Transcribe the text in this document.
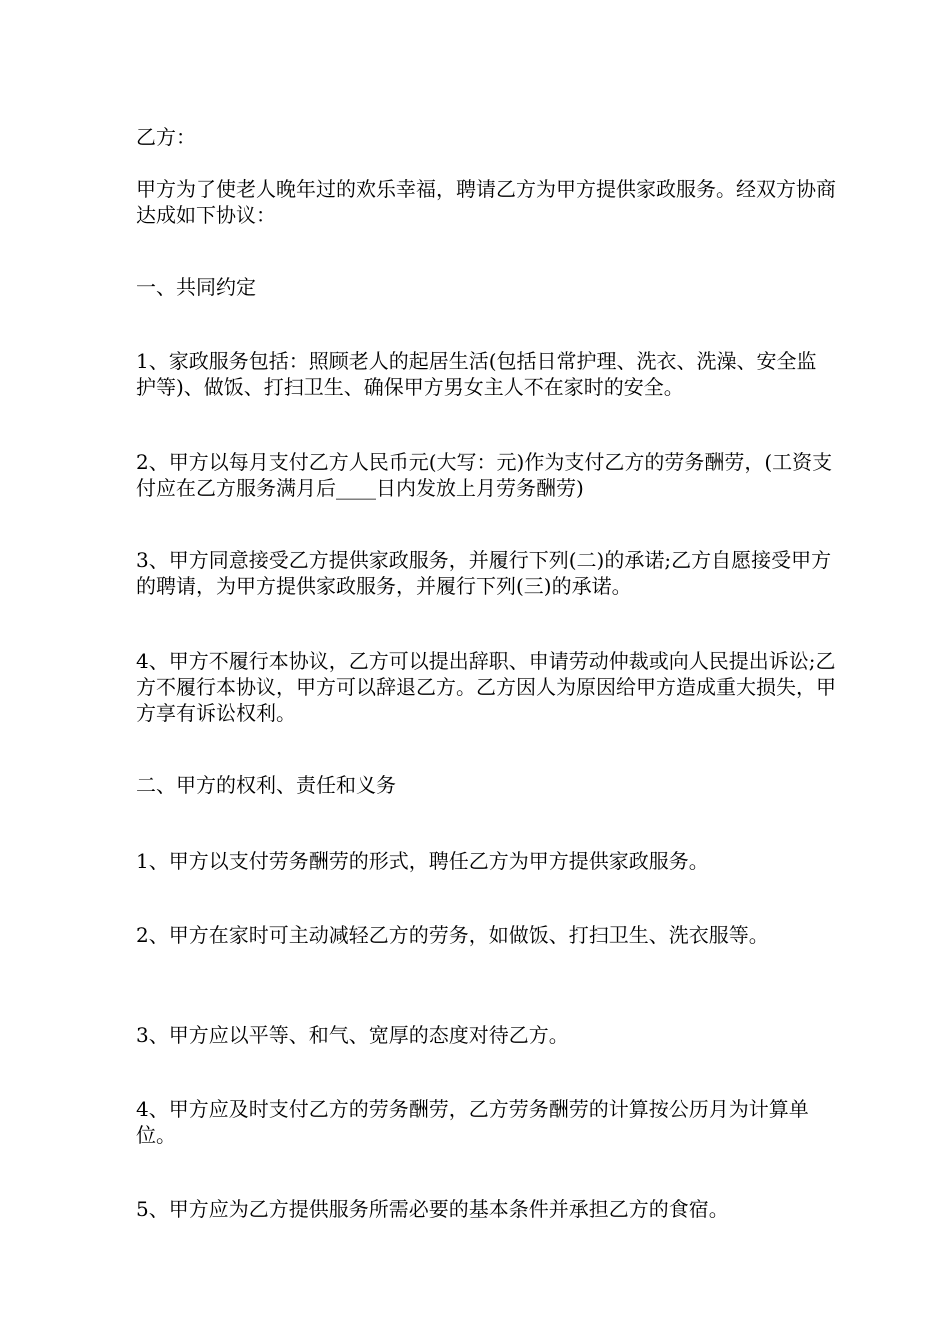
乙方：

甲方为了使老人晚年过的欢乐幸福，聘请乙方为甲方提供家政服务。经双方协商达成如下协议：

一、共同约定

1、家政服务包括：照顾老人的起居生活(包括日常护理、洗衣、洗澡、安全监护等)、做饭、打扫卫生、确保甲方男女主人不在家时的安全。

2、甲方以每月支付乙方人民币元(大写：元)作为支付乙方的劳务酬劳，(工资支付应在乙方服务满月后____日内发放上月劳务酬劳)

3、甲方同意接受乙方提供家政服务，并履行下列(二)的承诺;乙方自愿接受甲方的聘请，为甲方提供家政服务，并履行下列(三)的承诺。

4、甲方不履行本协议，乙方可以提出辞职、申请劳动仲裁或向人民提出诉讼;乙方不履行本协议，甲方可以辞退乙方。乙方因人为原因给甲方造成重大损失，甲方享有诉讼权利。

二、甲方的权利、责任和义务

1、甲方以支付劳务酬劳的形式，聘任乙方为甲方提供家政服务。

2、甲方在家时可主动减轻乙方的劳务，如做饭、打扫卫生、洗衣服等。

3、甲方应以平等、和气、宽厚的态度对待乙方。

4、甲方应及时支付乙方的劳务酬劳，乙方劳务酬劳的计算按公历月为计算单位。

5、甲方应为乙方提供服务所需必要的基本条件并承担乙方的食宿。
